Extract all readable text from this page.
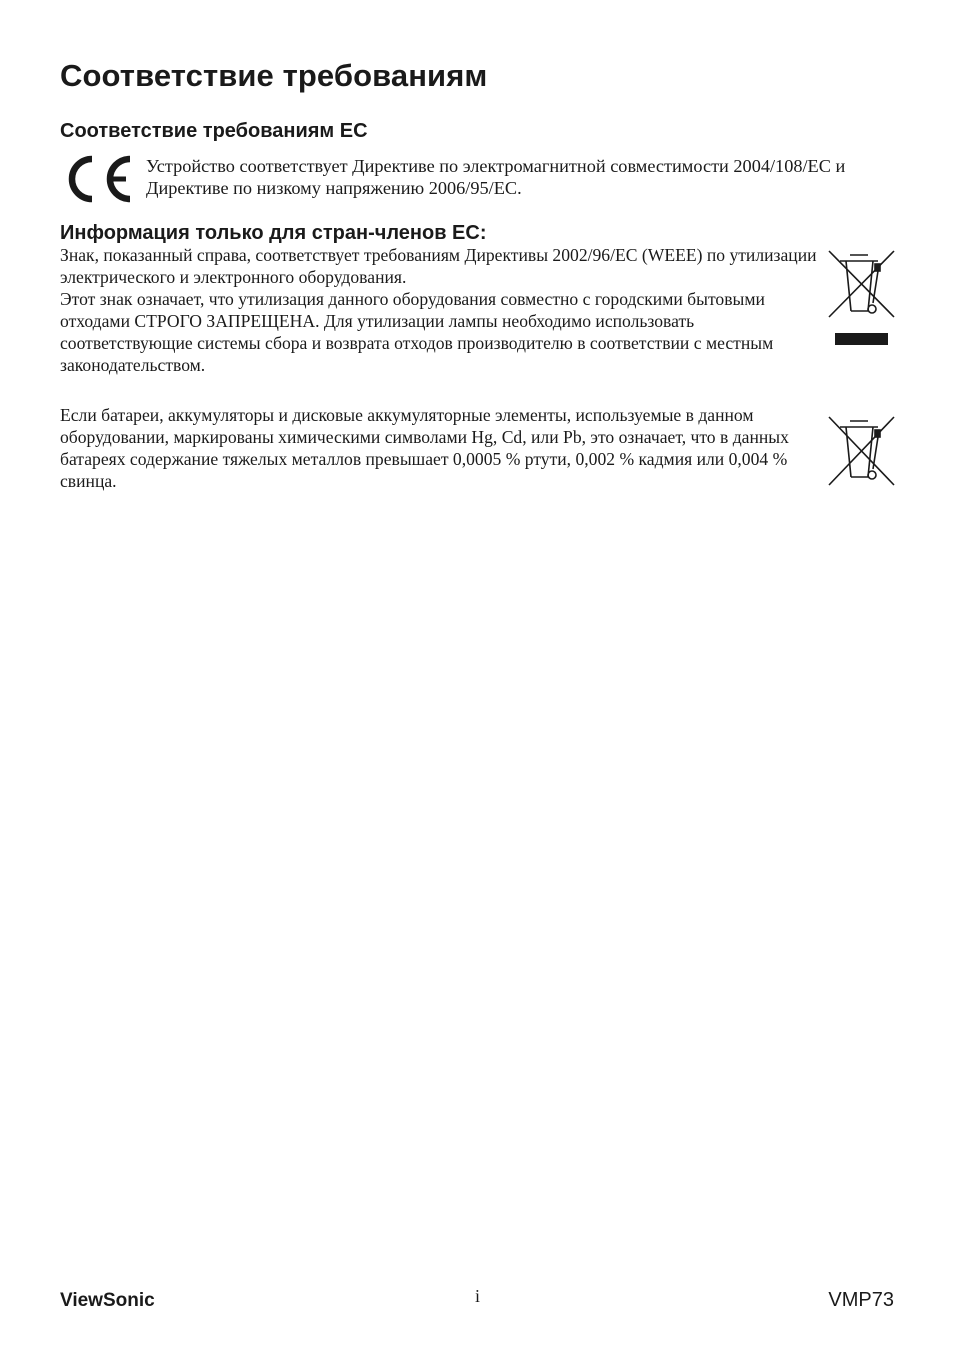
Соответствие требованиям
Соответствие требованиям ЕС

Устройство соответствует Директиве по электромагнитной совместимости 2004/108/ЕС и Директиве по низкому напряжению 2006/95/ЕС.

Информация только для стран-членов ЕС:
Знак, показанный справа, соответствует требованиям Директивы 2002/96/ЕС (WEEE) по утилизации электрического и электронного оборудования.
Этот знак означает, что утилизация данного оборудования совместно с городскими бытовыми отходами СТРОГО ЗАПРЕЩЕНА. Для утилизации лампы необходимо использовать соответствующие системы сбора и возврата отходов производителю в соответствии с местным законодательством.

Если батареи, аккумуляторы и дисковые аккумуляторные элементы, используемые в данном оборудовании, маркированы химическими символами Hg, Cd, или Pb, это означает, что в данных батареях содержание тяжелых металлов превышает 0,0005 % ртути, 0,002 % кадмия или 0,004 % свинца.

ViewSonic	i	VMP73
